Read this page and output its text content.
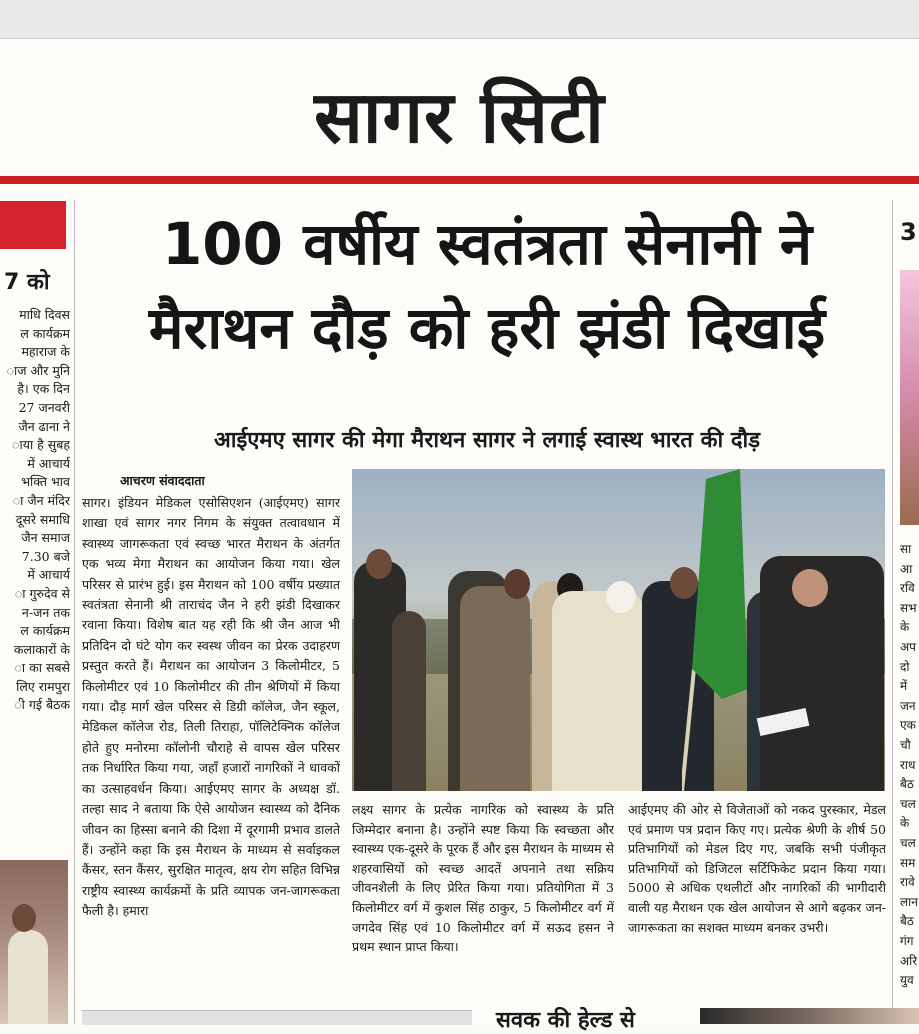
सागर सिटी
7 को

माधि दिवस

ल कार्यक्रम

महाराज के

ाज और मुनि

है। एक दिन

27 जनवरी

जैन ढाना ने

ाया है सुबह

में आचार्य

भक्ति भाव

ा जैन मंदिर

दूसरे समाधि

जैन समाज

7.30 बजे

में आचार्य

ा गुरुदेव से

न-जन तक

ल कार्यक्रम

कलाकारों के

ा का सबसे

लिए रामपुरा

ी गई बैठक

100 वर्षीय स्वतंत्रता सेनानी ने
मैराथन दौड़ को हरी झंडी दिखाई
आईएमए सागर की मेगा मैराथन सागर ने लगाई स्वास्थ भारत की दौड़
आचरण संवाददाता
सागर। इंडियन मेडिकल एसोसिएशन (आईएमए) सागर शाखा एवं सागर नगर निगम के संयुक्त तत्वावधान में स्वास्थ्य जागरूकता एवं स्वच्छ भारत मैराथन के अंतर्गत एक भव्य मेगा मैराथन का आयोजन किया गया। खेल परिसर से प्रारंभ हुई। इस मैराथन को 100 वर्षीय प्रख्यात स्वतंत्रता सेनानी श्री ताराचंद जैन ने हरी झंडी दिखाकर रवाना किया। विशेष बात यह रही कि श्री जैन आज भी प्रतिदिन दो घंटे योग कर स्वस्थ जीवन का प्रेरक उदाहरण प्रस्तुत करते हैं। मैराथन का आयोजन 3 किलोमीटर, 5 किलोमीटर एवं 10 किलोमीटर की तीन श्रेणियों में किया गया। दौड़ मार्ग खेल परिसर से डिग्री कॉलेज, जैन स्कूल, मेडिकल कॉलेज रोड, तिली तिराहा, पॉलिटेक्निक कॉलेज होते हुए मनोरमा कॉलोनी चौराहे से वापस खेल परिसर तक निर्धारित किया गया, जहाँ हजारों नागरिकों ने धावकों का उत्साहवर्धन किया। आईएमए सागर के अध्यक्ष डॉ. तल्हा साद ने बताया कि ऐसे आयोजन स्वास्थ्य को दैनिक जीवन का हिस्सा बनाने की दिशा में दूरगामी प्रभाव डालते हैं। उन्होंने कहा कि इस मैराथन के माध्यम से सर्वाइकल कैंसर, स्तन कैंसर, सुरक्षित मातृत्व, क्षय रोग सहित विभिन्न राष्ट्रीय स्वास्थ्य कार्यक्रमों के प्रति व्यापक जन-जागरूकता फैली है। हमारा
लक्ष्य सागर के प्रत्येक नागरिक को स्वास्थ्य के प्रति जिम्मेदार बनाना है। उन्होंने स्पष्ट किया कि स्वच्छता और स्वास्थ्य एक-दूसरे के पूरक हैं और इस मैराथन के माध्यम से शहरवासियों को स्वच्छ आदतें अपनाने तथा सक्रिय जीवनशैली के लिए प्रेरित किया गया। प्रतियोगिता में 3 किलोमीटर वर्ग में कुशल सिंह ठाकुर, 5 किलोमीटर वर्ग में जगदेव सिंह एवं 10 किलोमीटर वर्ग में सऊद हसन ने प्रथम स्थान प्राप्त किया।
आईएमए की ओर से विजेताओं को नकद पुरस्कार, मेडल एवं प्रमाण पत्र प्रदान किए गए। प्रत्येक श्रेणी के शीर्ष 50 प्रतिभागियों को मेडल दिए गए, जबकि सभी पंजीकृत प्रतिभागियों को डिजिटल सर्टिफिकेट प्रदान किया गया। 5000 से अधिक एथलीटों और नागरिकों की भागीदारी वाली यह मैराथन एक खेल आयोजन से आगे बढ़कर जन-जागरूकता का सशक्त माध्यम बनकर उभरी।
3

सा

आ

रवि

सभ

के

अप

दो

में

जन

एक

चौ

राध

बैठ

चल

के

चल

सम

रावे

लान

बैठ

गंग

अरि

युव

सवक की हेल्ड से
